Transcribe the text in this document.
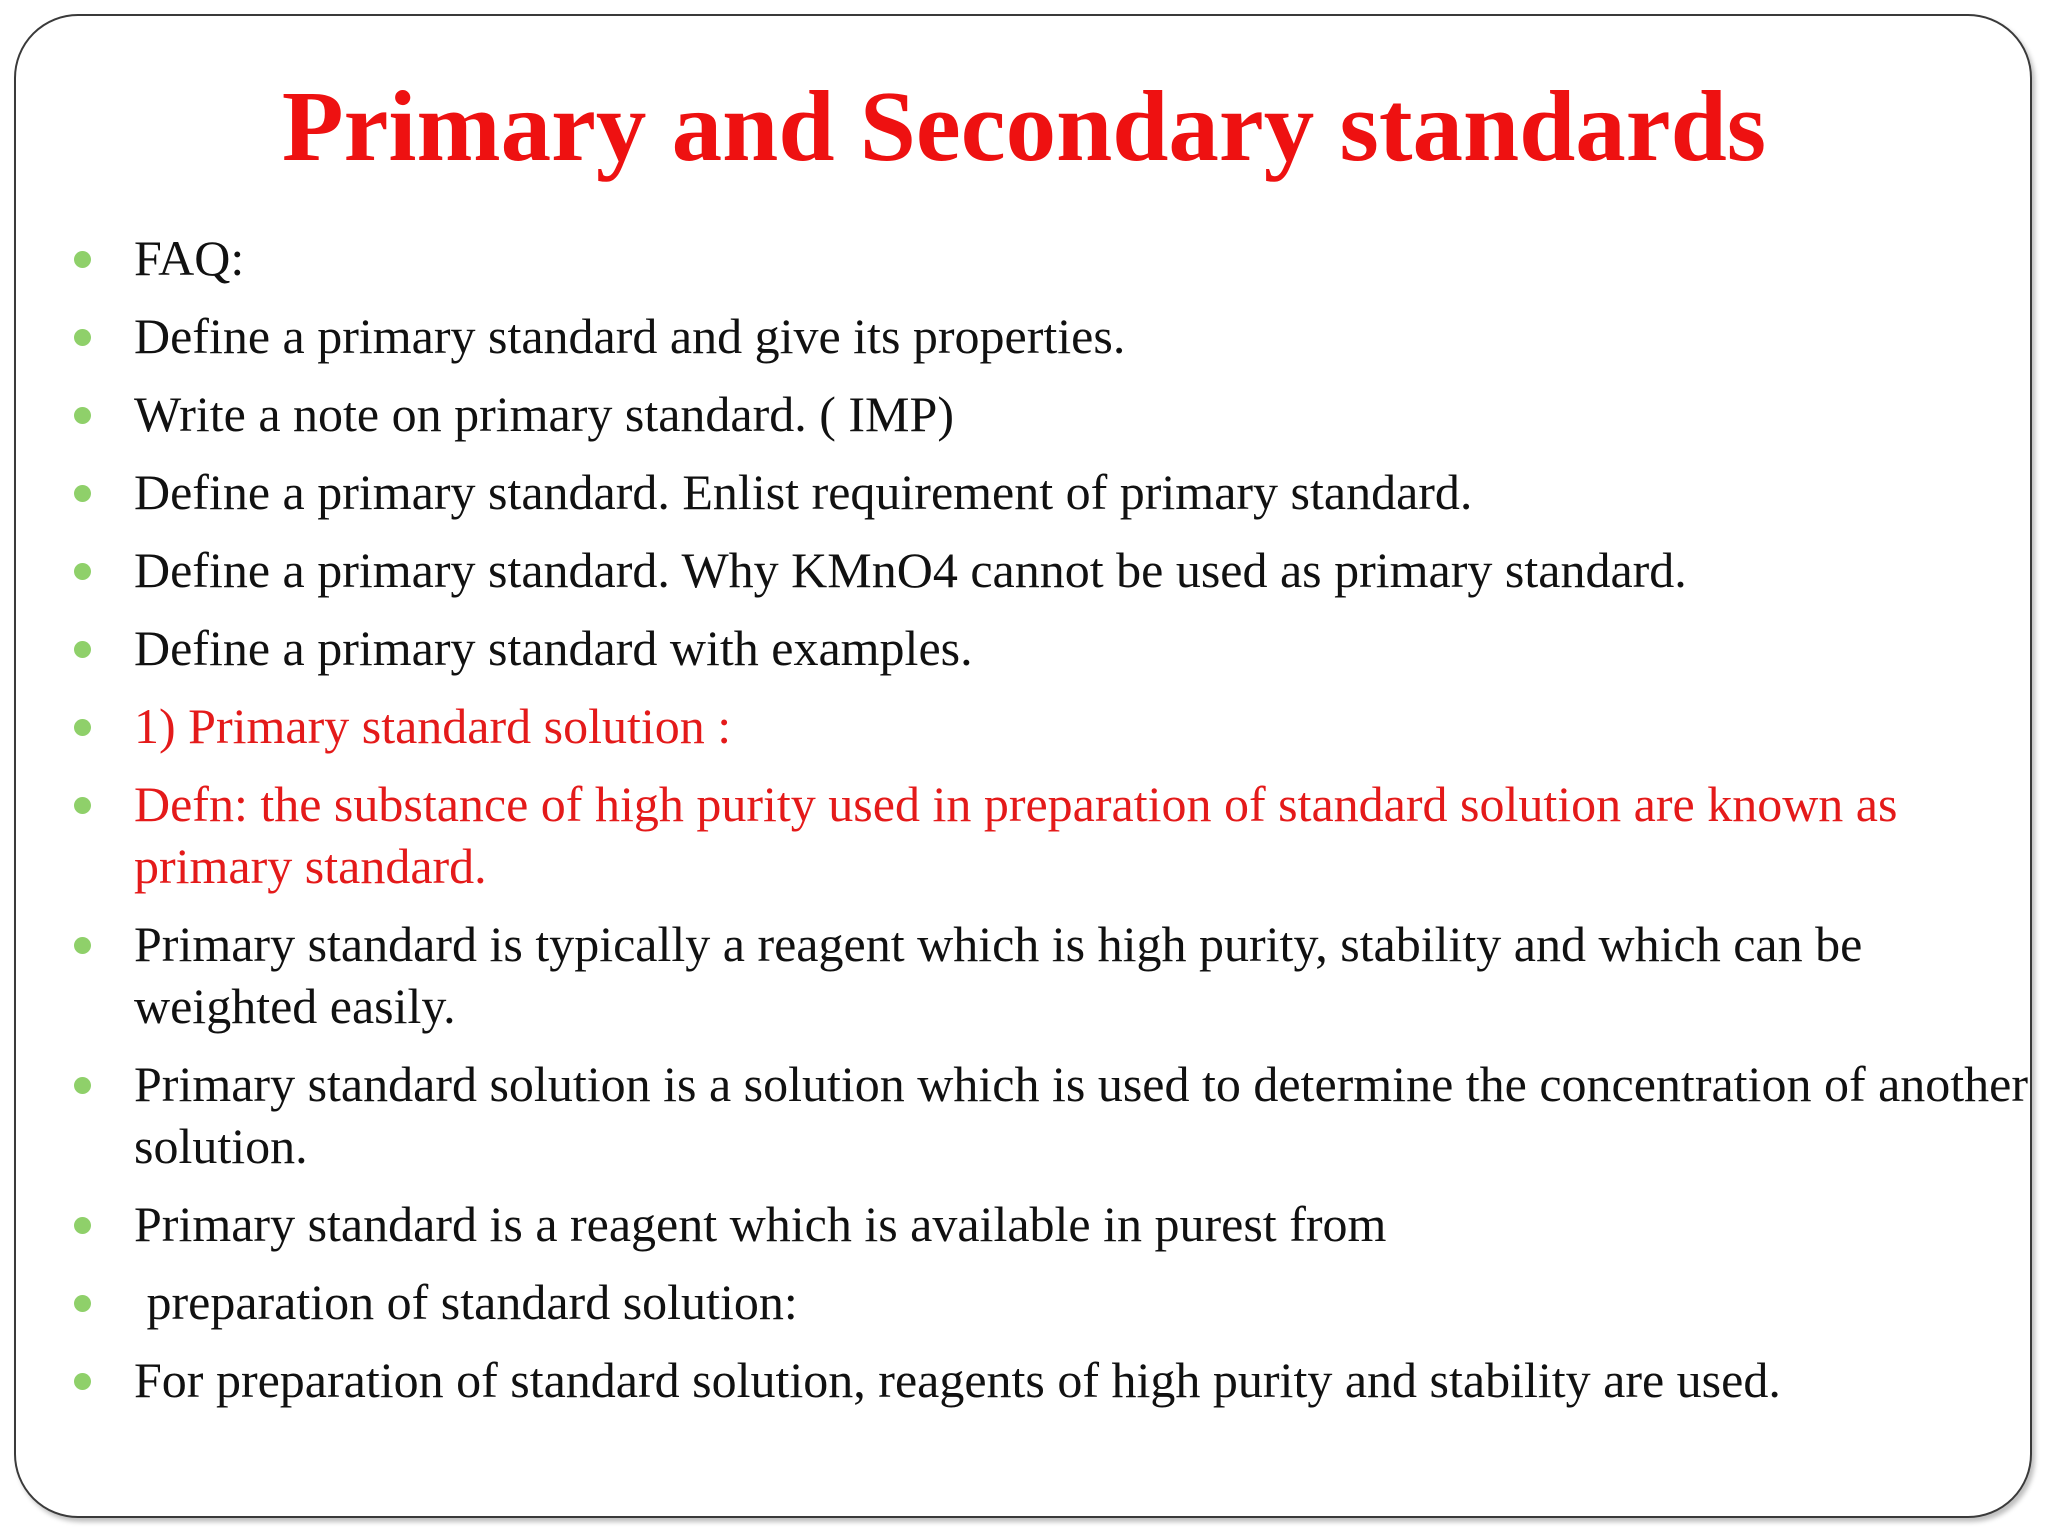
Primary and Secondary standards
FAQ:
Define a primary standard and give its properties.
Write a note on primary standard. ( IMP)
Define a primary standard. Enlist requirement of primary standard.
Define a primary standard. Why KMnO4 cannot be used as primary standard.
Define a primary standard with examples.
1) Primary standard solution :
Defn: the substance of high purity used in preparation of standard solution are known as primary standard.
Primary standard is typically a reagent which is high purity, stability and which can be weighted easily.
Primary standard solution is a solution which is used to determine the concentration of another solution.
Primary standard is a reagent which is available in purest from
preparation of standard solution:
For preparation of standard solution, reagents of high purity and stability are used.
